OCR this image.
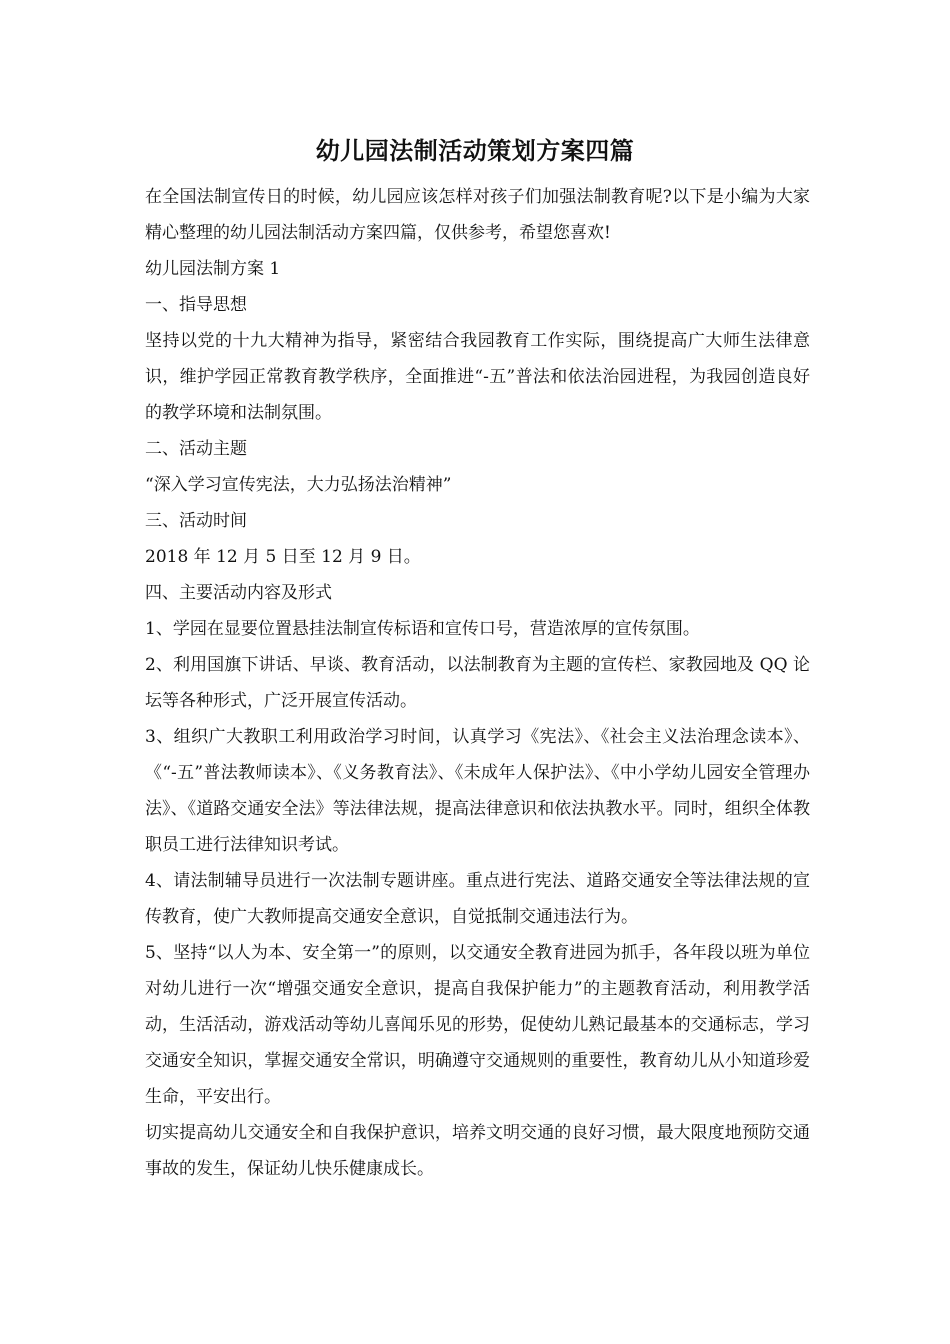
幼儿园法制活动策划方案四篇

在全国法制宣传日的时候，幼儿园应该怎样对孩子们加强法制教育呢?以下是小编为大家精心整理的幼儿园法制活动方案四篇，仅供参考，希望您喜欢!

幼儿园法制方案 1

一、指导思想

坚持以党的十九大精神为指导，紧密结合我园教育工作实际，围绕提高广大师生法律意识，维护学园正常教育教学秩序，全面推进“-五”普法和依法治园进程，为我园创造良好的教学环境和法制氛围。

二、活动主题

“深入学习宣传宪法，大力弘扬法治精神”

三、活动时间

2018 年 12 月 5 日至 12 月 9 日。

四、主要活动内容及形式

1、学园在显要位置悬挂法制宣传标语和宣传口号，营造浓厚的宣传氛围。

2、利用国旗下讲话、早谈、教育活动，以法制教育为主题的宣传栏、家教园地及 QQ 论坛等各种形式，广泛开展宣传活动。

3、组织广大教职工利用政治学习时间，认真学习《宪法》、《社会主义法治理念读本》、《“-五”普法教师读本》、《义务教育法》、《未成年人保护法》、《中小学幼儿园安全管理办法》、《道路交通安全法》等法律法规，提高法律意识和依法执教水平。同时，组织全体教职员工进行法律知识考试。

4、请法制辅导员进行一次法制专题讲座。重点进行宪法、道路交通安全等法律法规的宣传教育，使广大教师提高交通安全意识，自觉抵制交通违法行为。

5、坚持“以人为本、安全第一”的原则，以交通安全教育进园为抓手，各年段以班为单位对幼儿进行一次“增强交通安全意识，提高自我保护能力”的主题教育活动，利用教学活动，生活活动，游戏活动等幼儿喜闻乐见的形势，促使幼儿熟记最基本的交通标志，学习交通安全知识，掌握交通安全常识，明确遵守交通规则的重要性，教育幼儿从小知道珍爱生命，平安出行。

切实提高幼儿交通安全和自我保护意识，培养文明交通的良好习惯，最大限度地预防交通事故的发生，保证幼儿快乐健康成长。
